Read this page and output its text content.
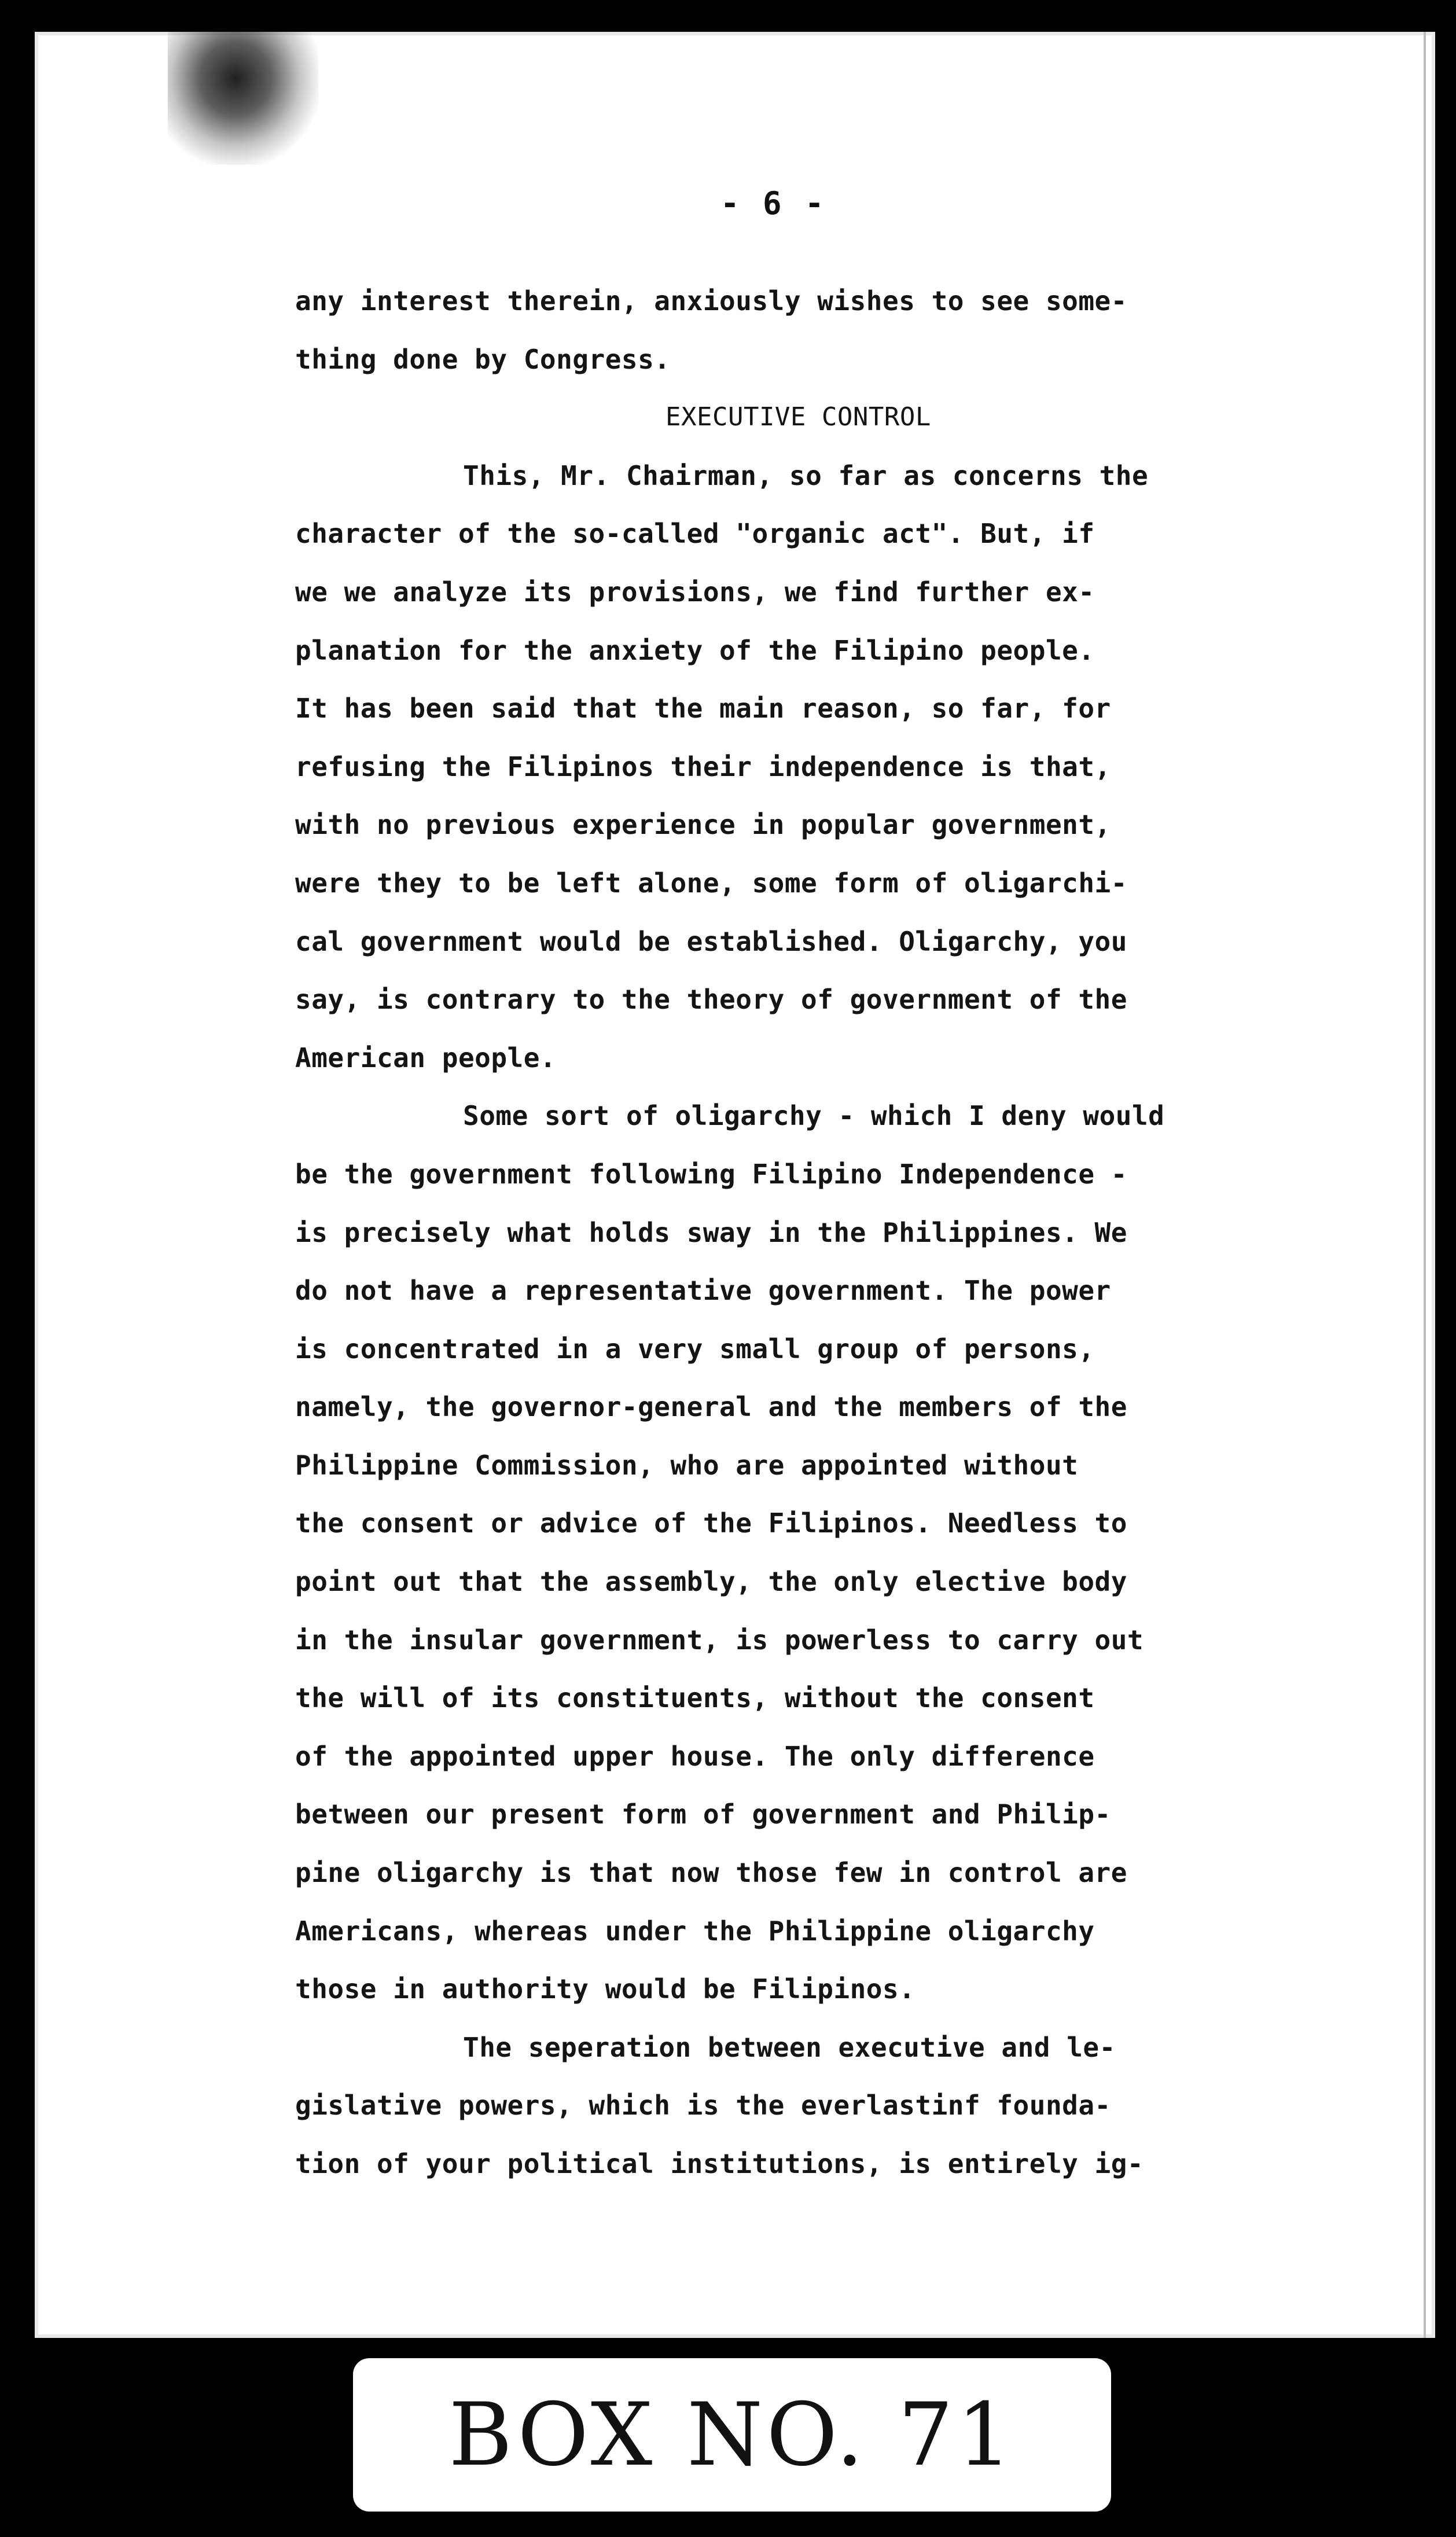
- 6 -
any interest therein, anxiously wishes to see some-
thing done by Congress.
EXECUTIVE CONTROL
This, Mr. Chairman, so far as concerns the
character of the so-called "organic act". But, if
we we analyze its provisions, we find further ex-
planation for the anxiety of the Filipino people.
It has been said that the main reason, so far, for
refusing the Filipinos their independence is that,
with no previous experience in popular government,
were they to be left alone, some form of oligarchi-
cal government would be established. Oligarchy, you
say, is contrary to the theory of government of the
American people.
Some sort of oligarchy - which I deny would
be the government following Filipino Independence -
is precisely what holds sway in the Philippines. We
do not have a representative government. The power
is concentrated in a very small group of persons,
namely, the governor-general and the members of the
Philippine Commission, who are appointed without
the consent or advice of the Filipinos. Needless to
point out that the assembly, the only elective body
in the insular government, is powerless to carry out
the will of its constituents, without the consent
of the appointed upper house. The only difference
between our present form of government and Philip-
pine oligarchy is that now those few in control are
Americans, whereas under the Philippine oligarchy
those in authority would be Filipinos.
The seperation between executive and le-
gislative powers, which is the everlastinf founda-
tion of your political institutions, is entirely ig-
BOX NO. 71
